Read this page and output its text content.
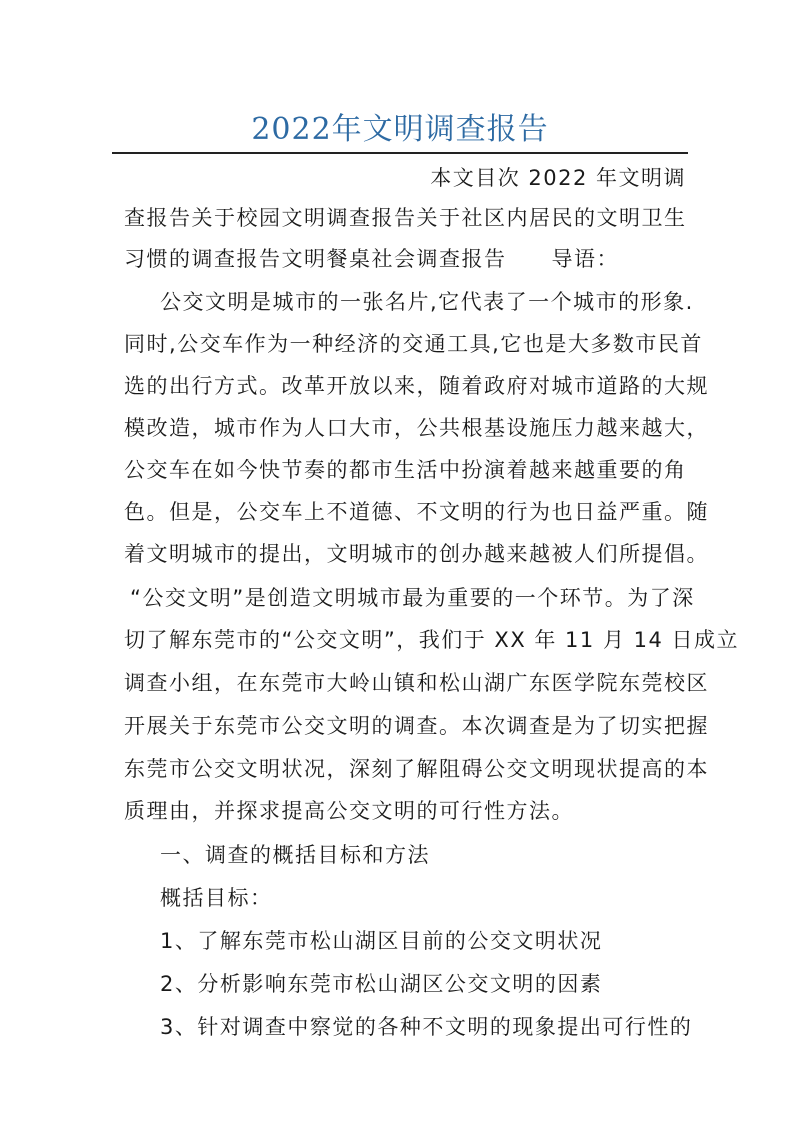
2022年文明调查报告
本文目次 2022 年文明调
查报告关于校园文明调查报告关于社区内居民的文明卫生
习惯的调查报告文明餐桌社会调查报告　　导语：
公交文明是城市的一张名片,它代表了一个城市的形象.
同时,公交车作为一种经济的交通工具,它也是大多数市民首
选的出行方式。改革开放以来，随着政府对城市道路的大规
模改造，城市作为人口大市，公共根基设施压力越来越大，
公交车在如今快节奏的都市生活中扮演着越来越重要的角
色。但是，公交车上不道德、不文明的行为也日益严重。随
着文明城市的提出，文明城市的创办越来越被人们所提倡。
“公交文明”是创造文明城市最为重要的一个环节。为了深
切了解东莞市的“公交文明”，我们于 XX 年 11 月 14 日成立
调查小组，在东莞市大岭山镇和松山湖广东医学院东莞校区
开展关于东莞市公交文明的调查。本次调查是为了切实把握
东莞市公交文明状况，深刻了解阻碍公交文明现状提高的本
质理由，并探求提高公交文明的可行性方法。
一、调查的概括目标和方法
概括目标：
1、了解东莞市松山湖区目前的公交文明状况
2、分析影响东莞市松山湖区公交文明的因素
3、针对调查中察觉的各种不文明的现象提出可行性的
